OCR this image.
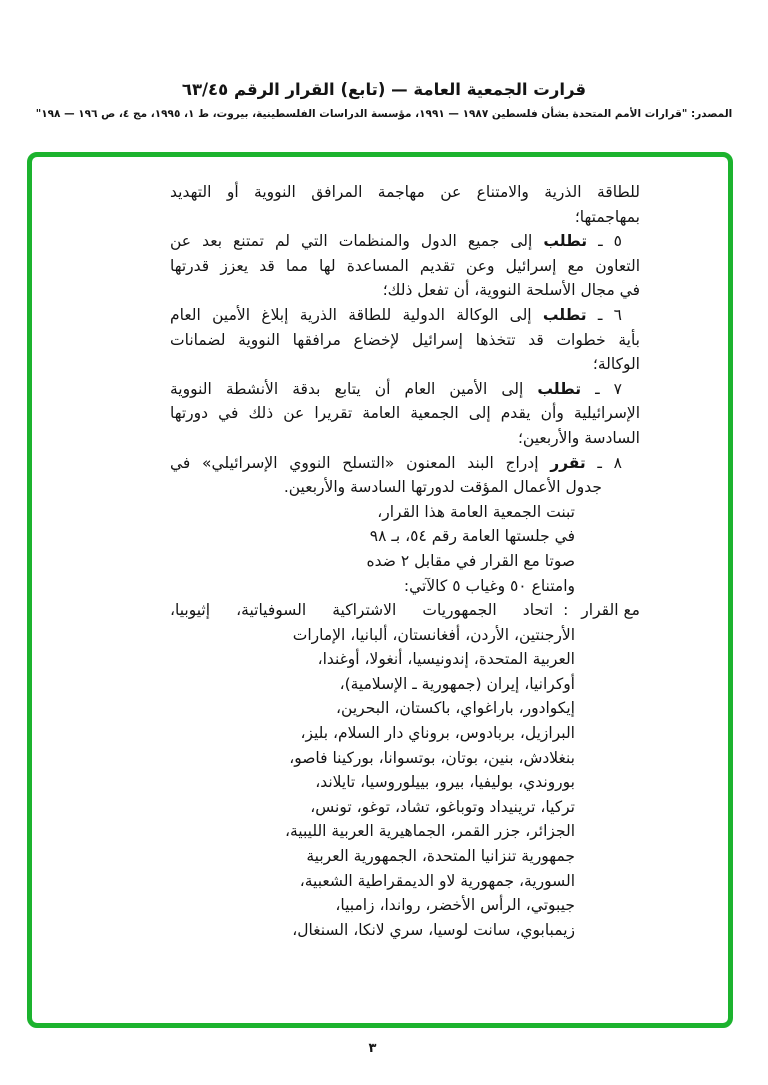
قرارت الجمعية العامة — (تابع) القرار الرقم ٦٣/٤٥
المصدر: "قرارات الأمم المتحدة بشأن فلسطين ١٩٨٧ — ١٩٩١، مؤسسة الدراسات الفلسطينية، بيروت، ط ١، ١٩٩٥، مج ٤، ص ١٩٦ — ١٩٨"
للطاقة الذرية والامتناع عن مهاجمة المرافق النووية أو التهديد
بمهاجمتها؛
٥ ـ تطلب إلى جميع الدول والمنظمات التي لم تمتنع بعد عن
التعاون مع إسرائيل وعن تقديم المساعدة لها مما قد يعزز قدرتها
في مجال الأسلحة النووية، أن تفعل ذلك؛
٦ ـ تطلب إلى الوكالة الدولية للطاقة الذرية إبلاغ الأمين العام
بأية خطوات قد تتخذها إسرائيل لإخضاع مرافقها النووية لضمانات
الوكالة؛
٧ ـ تطلب إلى الأمين العام أن يتابع بدقة الأنشطة النووية
الإسرائيلية وأن يقدم إلى الجمعية العامة تقريرا عن ذلك في دورتها
السادسة والأربعين؛
٨ ـ تقرر إدراج البند المعنون «التسلح النووي الإسرائيلي» في
جدول الأعمال المؤقت لدورتها السادسة والأربعين.
تبنت الجمعية العامة هذا القرار،
في جلستها العامة رقم ٥٤، بـ ٩٨
صوتا مع القرار في مقابل ٢ ضده
وامتناع ٥٠ وغياب ٥ كالآتي:
مع القرار
:
اتحاد الجمهوريات الاشتراكية السوفياتية، إثيوبيا،
الأرجنتين، الأردن، أفغانستان، ألبانيا، الإمارات
العربية المتحدة، إندونيسيا، أنغولا، أوغندا،
أوكرانيا، إيران (جمهورية ـ الإسلامية)،
إيكوادور، باراغواي، باكستان، البحرين،
البرازيل، بربادوس، بروناي دار السلام، بليز،
بنغلادش، بنين، بوتان، بوتسوانا، بوركينا فاصو،
بوروندي، بوليفيا، بيرو، بييلوروسيا، تايلاند،
تركيا، ترينيداد وتوباغو، تشاد، توغو، تونس،
الجزائر، جزر القمر، الجماهيرية العربية الليبية،
جمهورية تنزانيا المتحدة، الجمهورية العربية
السورية، جمهورية لاو الديمقراطية الشعبية،
جيبوتي، الرأس الأخضر، رواندا، زامبيا،
زيمبابوي، سانت لوسيا، سري لانكا، السنغال،
٣
